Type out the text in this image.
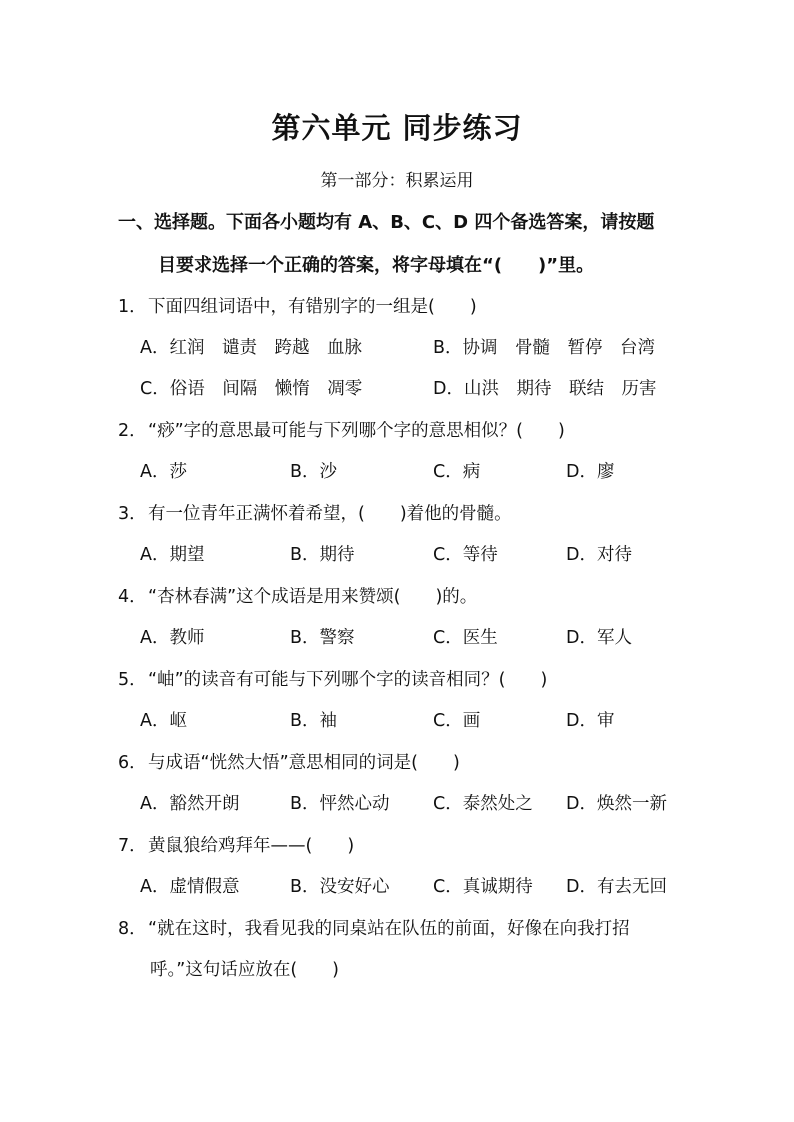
第六单元 同步练习
第一部分：积累运用
一、选择题。下面各小题均有 A、B、C、D 四个备选答案，请按题
目要求选择一个正确的答案，将字母填在“(　　)”里。
1．下面四组词语中，有错别字的一组是(　　)
A．红润　谴责　跨越　血脉	B．协调　骨髓　暂停　台湾
C．俗语　间隔　懒惰　凋零	D．山洪　期待　联结　历害
2．“痧”字的意思最可能与下列哪个字的意思相似？(　　)
A．莎	B．沙	C．病	D．廖
3．有一位青年正满怀着希望，(　　)着他的骨髓。
A．期望	B．期待	C．等待	D．对待
4．“杏林春满”这个成语是用来赞颂(　　)的。
A．教师	B．警察	C．医生	D．军人
5．“岫”的读音有可能与下列哪个字的读音相同？(　　)
A．岖	B．袖	C．画	D．审
6．与成语“恍然大悟”意思相同的词是(　　)
A．豁然开朗	B．怦然心动 C．泰然处之 D．焕然一新
7．黄鼠狼给鸡拜年——(　　)
A．虚情假意	B．没安好心 C．真诚期待 D．有去无回
8．“就在这时，我看见我的同桌站在队伍的前面，好像在向我打招
呼。”这句话应放在(　　)
